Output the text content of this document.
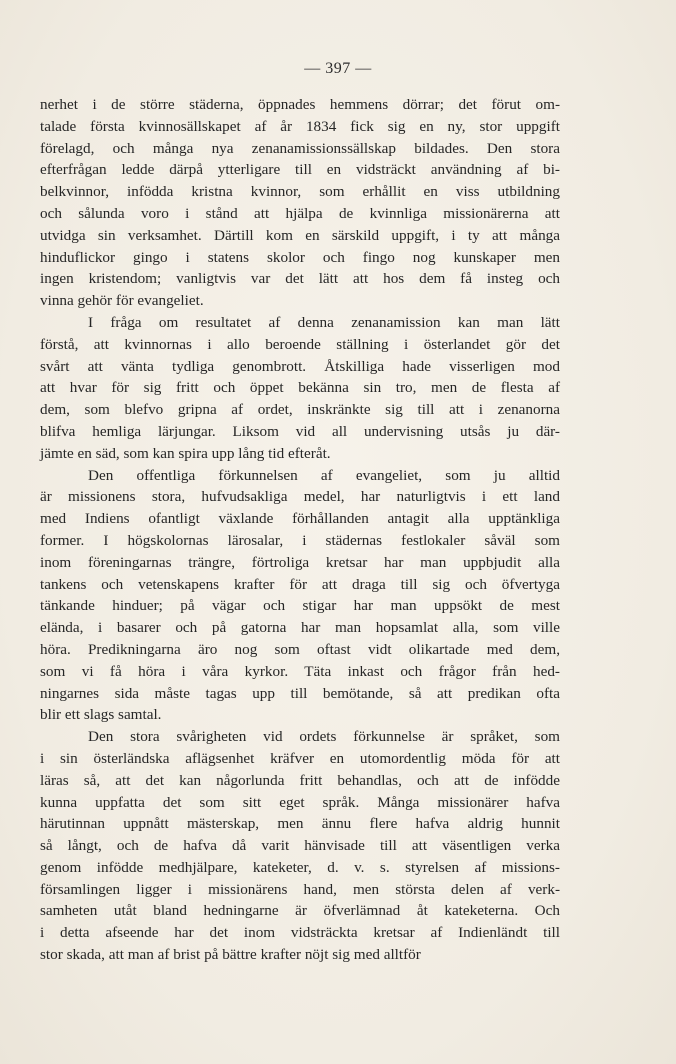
— 397 —
nerhet i de större städerna, öppnades hemmens dörrar; det förut om-
talade första kvinnosällskapet af år 1834 fick sig en ny, stor uppgift
förelagd, och många nya zenanamissionssällskap bildades. Den stora
efterfrågan ledde därpå ytterligare till en vidsträckt användning af bi-
belkvinnor, infödda kristna kvinnor, som erhållit en viss utbildning
och sålunda voro i stånd att hjälpa de kvinnliga missionärerna att
utvidga sin verksamhet. Därtill kom en särskild uppgift, i ty att många
hinduflickor gingo i statens skolor och fingo nog kunskaper men
ingen kristendom; vanligtvis var det lätt att hos dem få insteg och
vinna gehör för evangeliet.
I fråga om resultatet af denna zenanamission kan man lätt
förstå, att kvinnornas i allo beroende ställning i österlandet gör det
svårt att vänta tydliga genombrott. Åtskilliga hade visserligen mod
att hvar för sig fritt och öppet bekänna sin tro, men de flesta af
dem, som blefvo gripna af ordet, inskränkte sig till att i zenanorna
blifva hemliga lärjungar. Liksom vid all undervisning utsås ju där-
jämte en säd, som kan spira upp lång tid efteråt.
Den offentliga förkunnelsen af evangeliet, som ju alltid
är missionens stora, hufvudsakliga medel, har naturligtvis i ett land
med Indiens ofantligt växlande förhållanden antagit alla upptänkliga
former. I högskolornas lärosalar, i städernas festlokaler såväl som
inom föreningarnas trängre, förtroliga kretsar har man uppbjudit alla
tankens och vetenskapens krafter för att draga till sig och öfvertyga
tänkande hinduer; på vägar och stigar har man uppsökt de mest
elända, i basarer och på gatorna har man hopsamlat alla, som ville
höra. Predikningarna äro nog som oftast vidt olikartade med dem,
som vi få höra i våra kyrkor. Täta inkast och frågor från hed-
ningarnes sida måste tagas upp till bemötande, så att predikan ofta
blir ett slags samtal.
Den stora svårigheten vid ordets förkunnelse är språket, som
i sin österländska aflägsenhet kräfver en utomordentlig möda för att
läras så, att det kan någorlunda fritt behandlas, och att de infödde
kunna uppfatta det som sitt eget språk. Många missionärer hafva
härutinnan uppnått mästerskap, men ännu flere hafva aldrig hunnit
så långt, och de hafva då varit hänvisade till att väsentligen verka
genom infödde medhjälpare, kateketer, d. v. s. styrelsen af missions-
församlingen ligger i missionärens hand, men största delen af verk-
samheten utåt bland hedningarne är öfverlämnad åt kateketerna. Och
i detta afseende har det inom vidsträckta kretsar af Indienländt till
stor skada, att man af brist på bättre krafter nöjt sig med alltför
